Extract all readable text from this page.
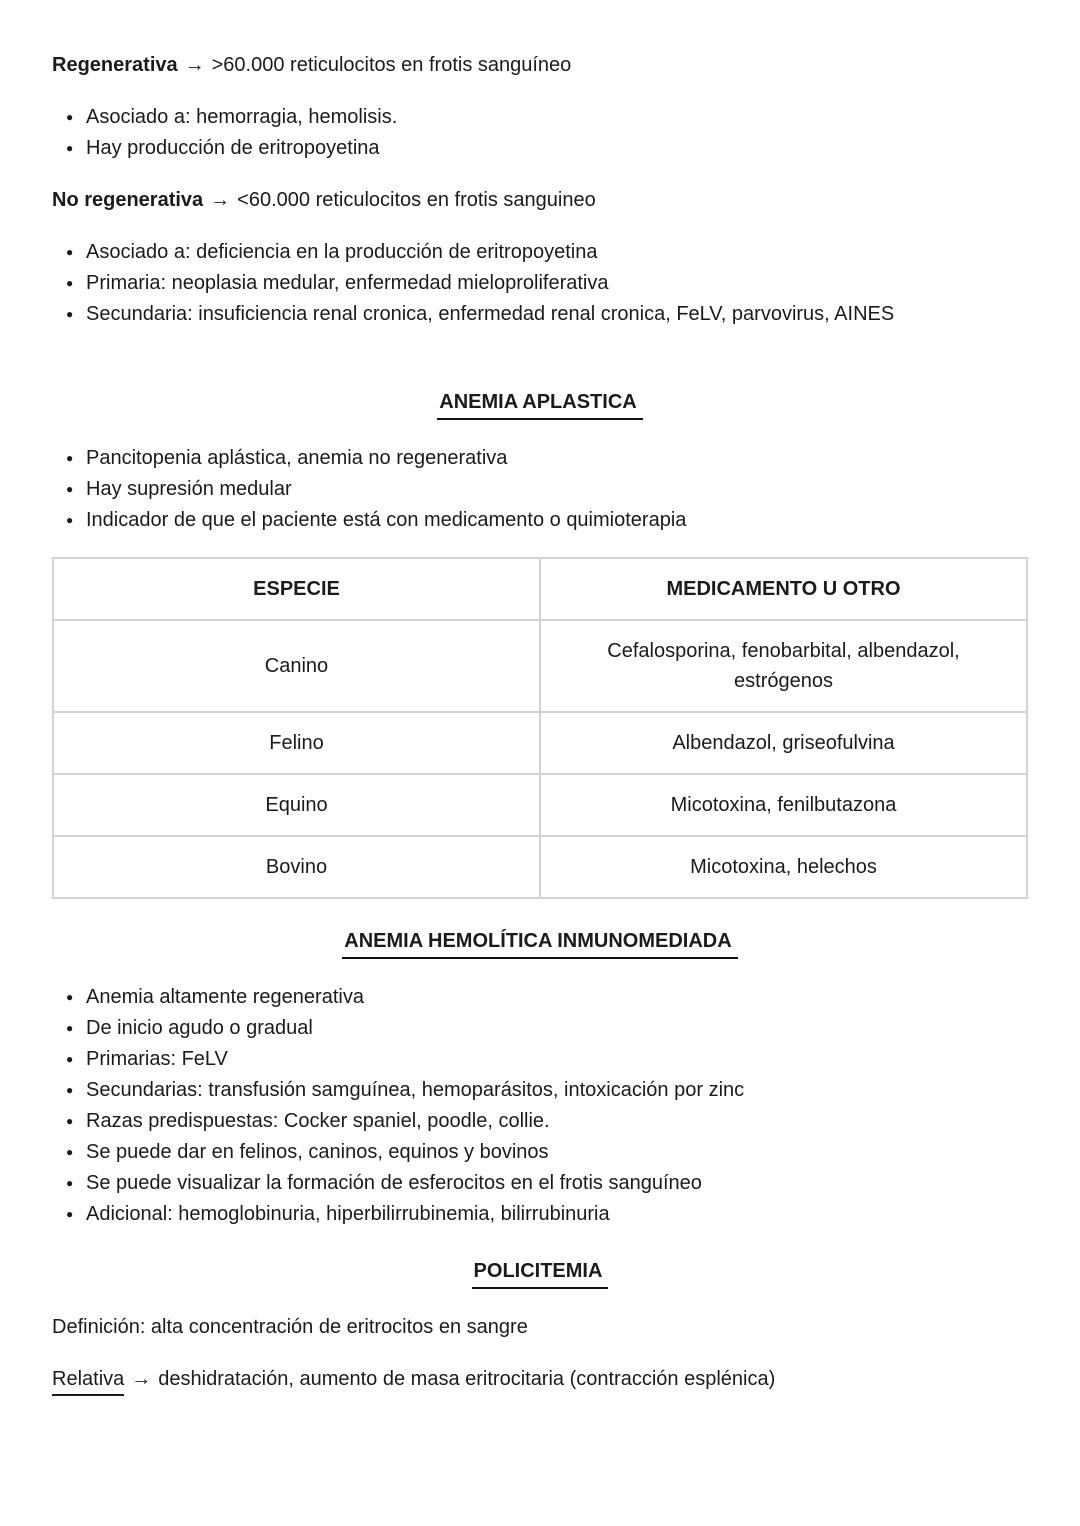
Regenerativa → >60.000 reticulocitos en frotis sanguíneo

● Asociado a: hemorragia, hemolisis.
● Hay producción de eritropoyetina

No regenerativa → <60.000 reticulocitos en frotis sanguineo

● Asociado a: deficiencia en la producción de eritropoyetina
● Primaria: neoplasia medular, enfermedad mieloproliferativa
● Secundaria: insuficiencia renal cronica, enfermedad renal cronica, FeLV, parvovirus, AINES
ANEMIA APLASTICA
● Pancitopenia aplástica, anemia no regenerativa
● Hay supresión medular
● Indicador de que el paciente está con medicamento o quimioterapia
ESPECIE	MEDICAMENTO U OTRO
Canino	Cefalosporina, fenobarbital, albendazol, estrógenos
Felino	Albendazol, griseofulvina
Equino	Micotoxina, fenilbutazona
Bovino	Micotoxina, helechos
ANEMIA HEMOLÍTICA INMUNOMEDIADA
● Anemia altamente regenerativa
● De inicio agudo o gradual
● Primarias: FeLV
● Secundarias: transfusión samguínea, hemoparásitos, intoxicación por zinc
● Razas predispuestas: Cocker spaniel, poodle, collie.
● Se puede dar en felinos, caninos, equinos y bovinos
● Se puede visualizar la formación de esferocitos en el frotis sanguíneo
● Adicional: hemoglobinuria, hiperbilirrubinemia, bilirrubinuria
POLICITEMIA

Definición: alta concentración de eritrocitos en sangre

Relativa → deshidratación, aumento de masa eritrocitaria (contracción esplénica)
